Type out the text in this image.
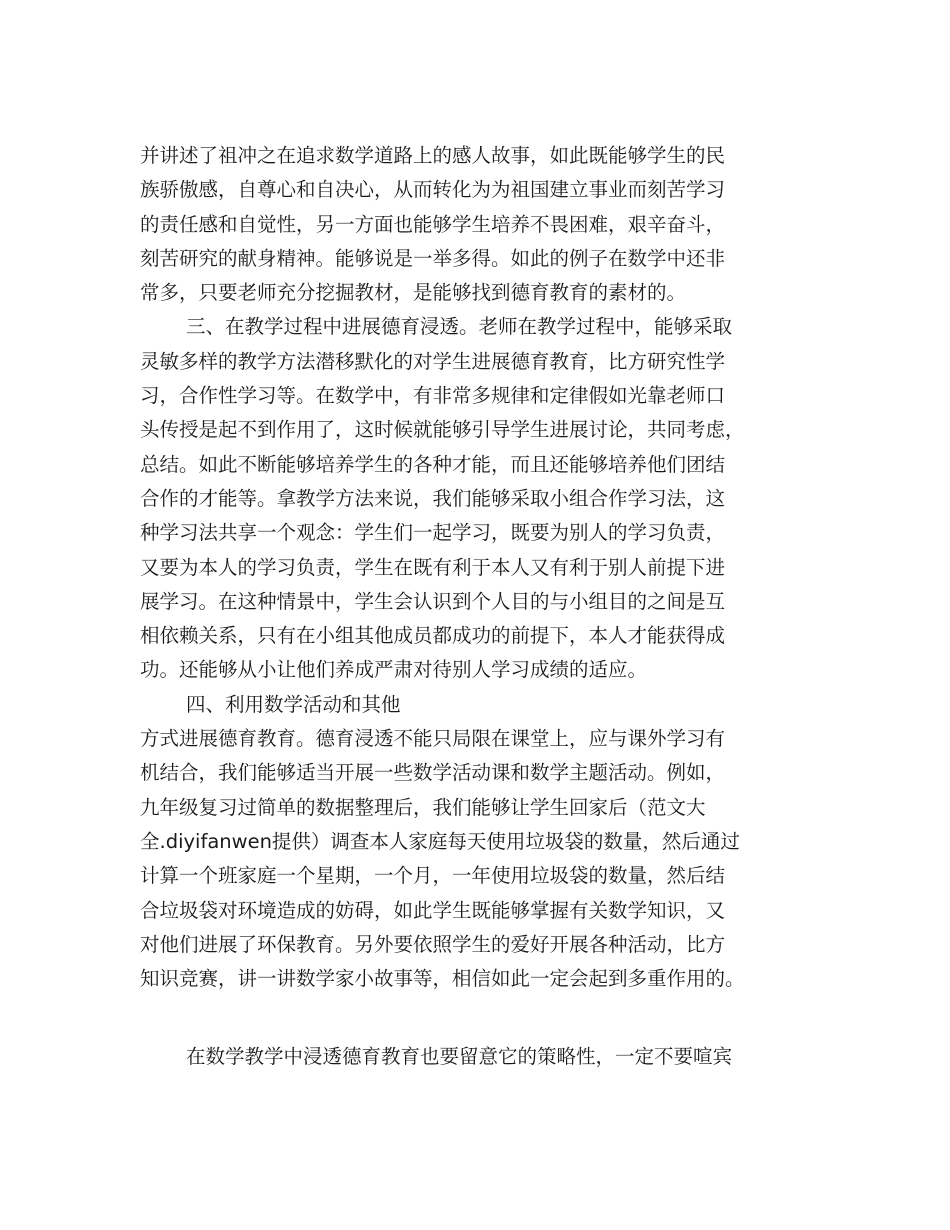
并讲述了祖冲之在追求数学道路上的感人故事，如此既能够学生的民
族骄傲感，自尊心和自决心，从而转化为为祖国建立事业而刻苦学习
的责任感和自觉性，另一方面也能够学生培养不畏困难，艰辛奋斗，
刻苦研究的献身精神。能够说是一举多得。如此的例子在数学中还非
常多，只要老师充分挖掘教材，是能够找到德育教育的素材的。
三、在教学过程中进展德育浸透。老师在教学过程中，能够采取
灵敏多样的教学方法潜移默化的对学生进展德育教育，比方研究性学
习，合作性学习等。在数学中，有非常多规律和定律假如光靠老师口
头传授是起不到作用了，这时候就能够引导学生进展讨论，共同考虑，
总结。如此不断能够培养学生的各种才能，而且还能够培养他们团结
合作的才能等。拿教学方法来说，我们能够采取小组合作学习法，这
种学习法共享一个观念：学生们一起学习，既要为别人的学习负责，
又要为本人的学习负责，学生在既有利于本人又有利于别人前提下进
展学习。在这种情景中，学生会认识到个人目的与小组目的之间是互
相依赖关系，只有在小组其他成员都成功的前提下，本人才能获得成
功。还能够从小让他们养成严肃对待别人学习成绩的适应。
四、利用数学活动和其他
方式进展德育教育。德育浸透不能只局限在课堂上，应与课外学习有
机结合，我们能够适当开展一些数学活动课和数学主题活动。例如，
九年级复习过简单的数据整理后，我们能够让学生回家后（范文大
全.diyifanwen提供）调查本人家庭每天使用垃圾袋的数量，然后通过
计算一个班家庭一个星期，一个月，一年使用垃圾袋的数量，然后结
合垃圾袋对环境造成的妨碍，如此学生既能够掌握有关数学知识，又
对他们进展了环保教育。另外要依照学生的爱好开展各种活动，比方
知识竞赛，讲一讲数学家小故事等，相信如此一定会起到多重作用的。
在数学教学中浸透德育教育也要留意它的策略性，一定不要喧宾
